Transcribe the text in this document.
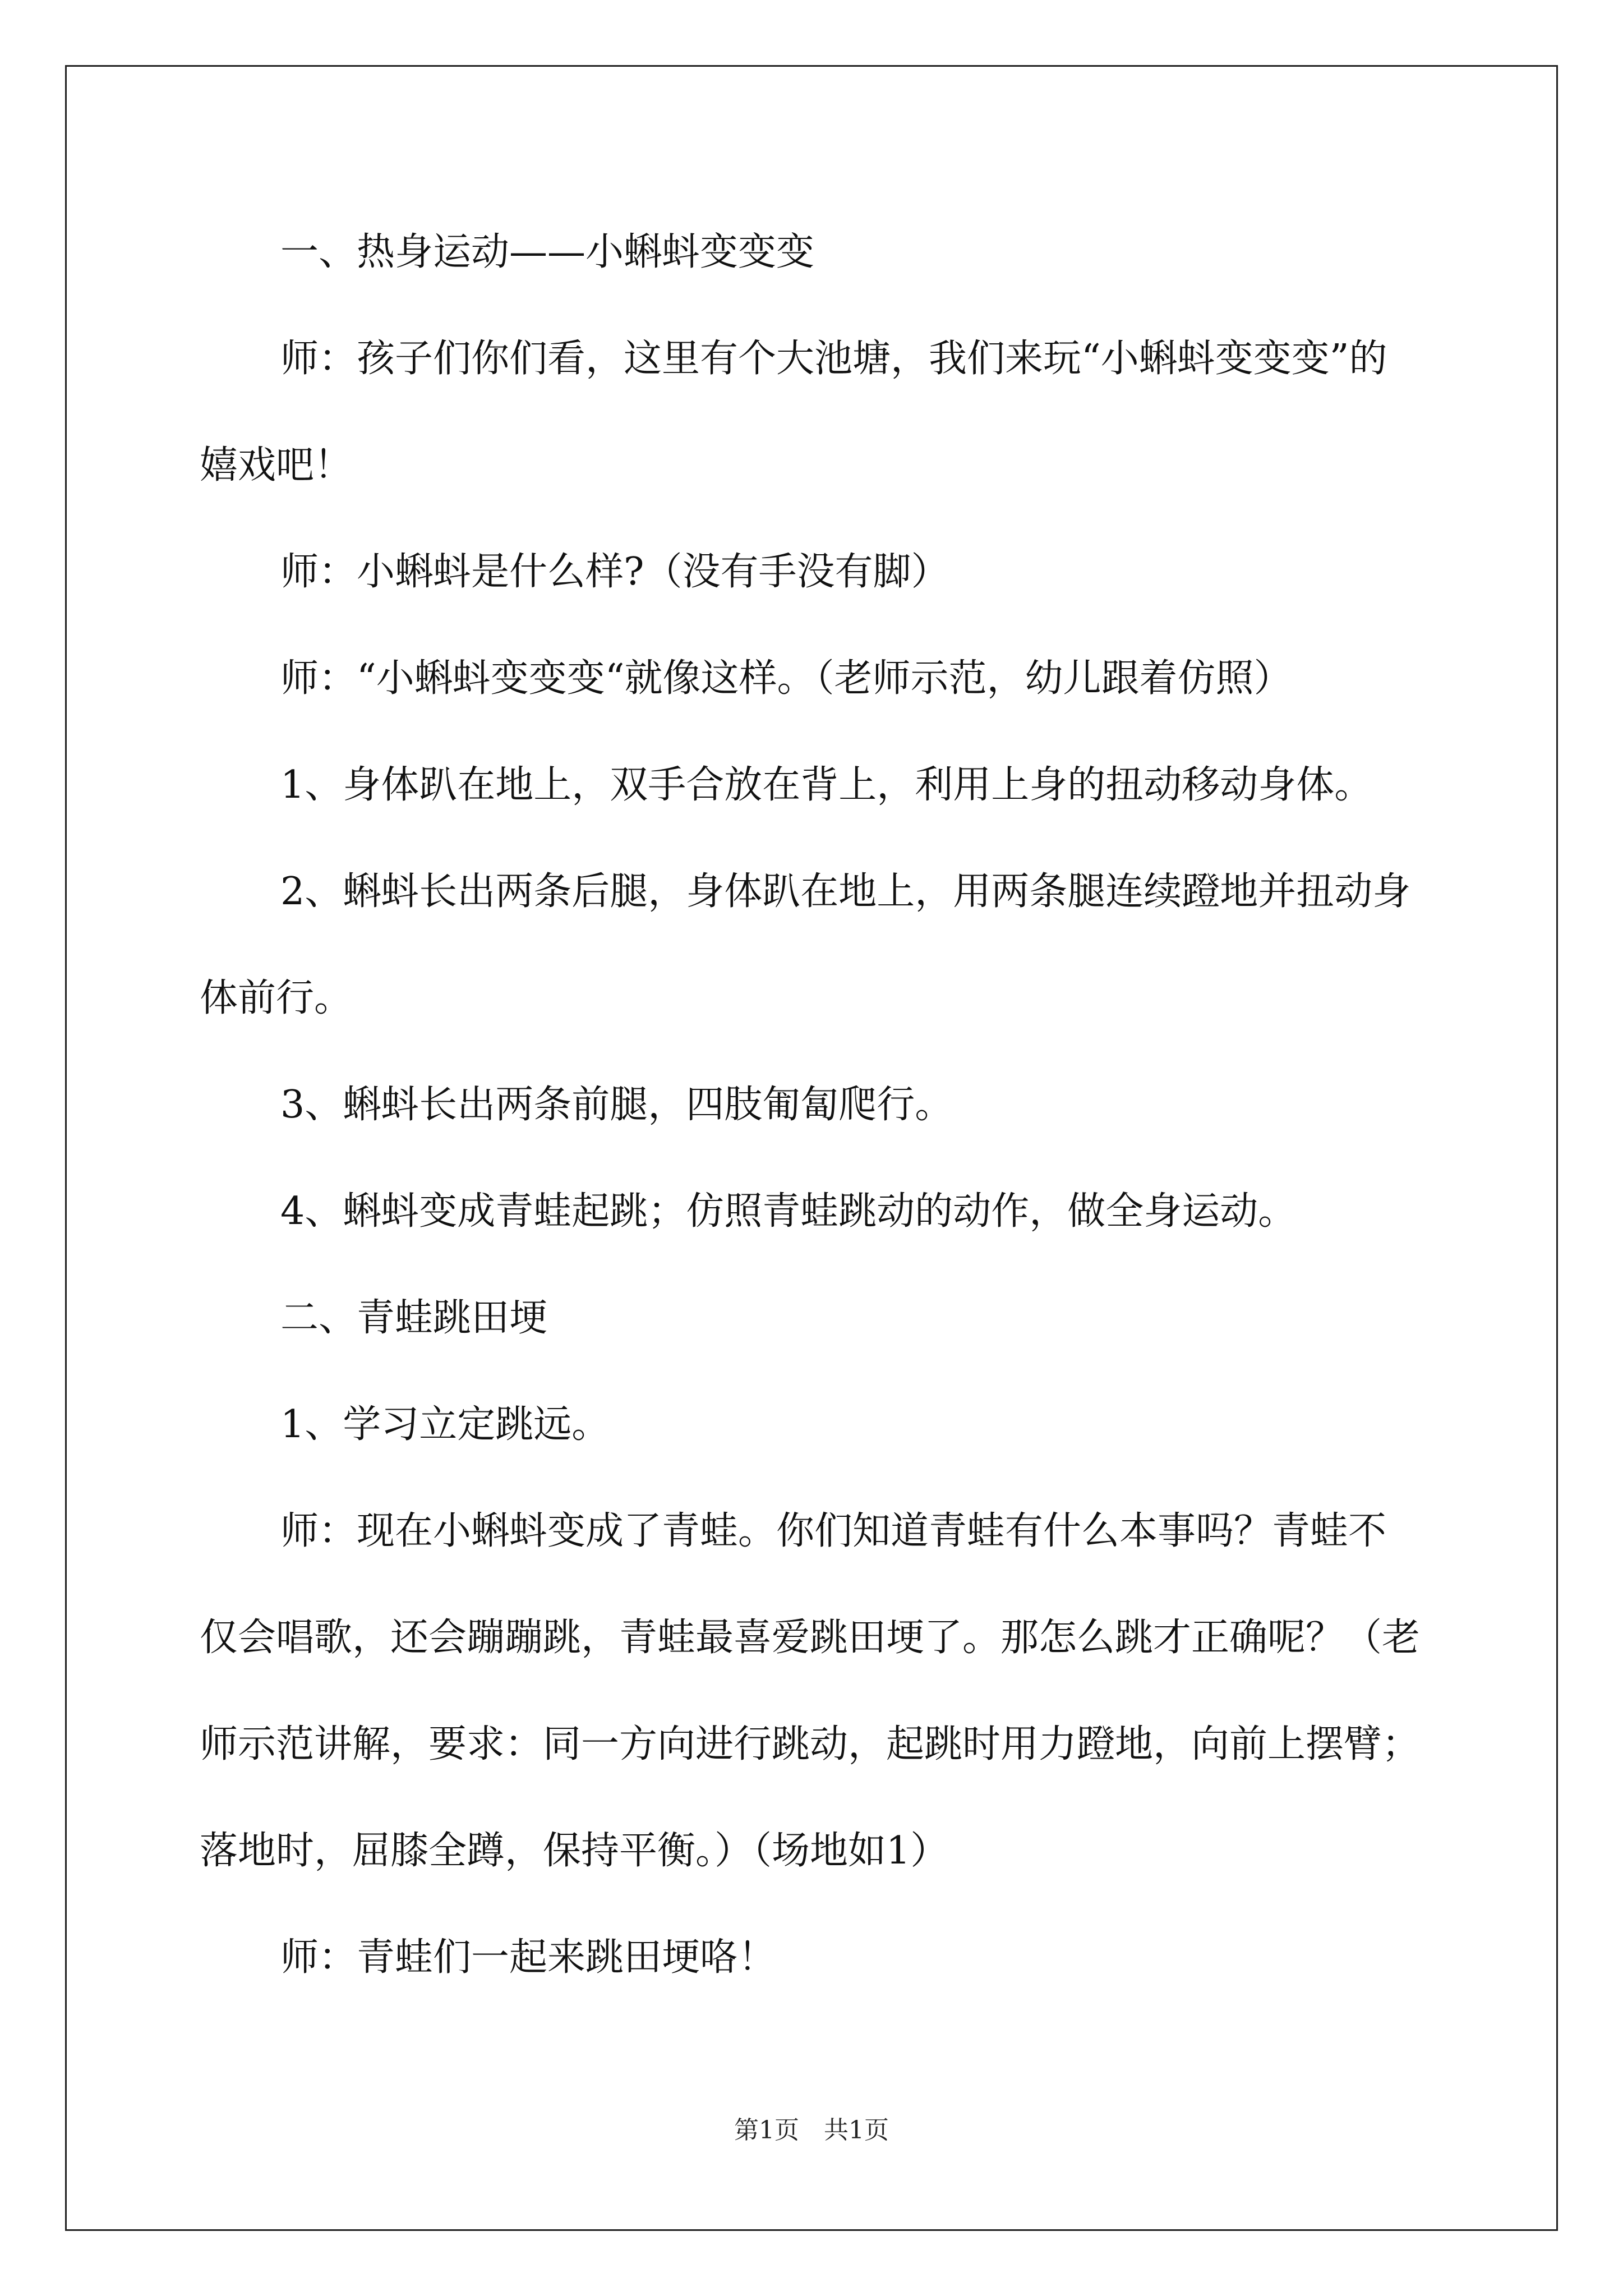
一、热身运动——小蝌蚪变变变

师：孩子们你们看，这里有个大池塘，我们来玩“小蝌蚪变变变”的嬉戏吧！

师：小蝌蚪是什么样?（没有手没有脚）

师：“小蝌蚪变变变“就像这样。（老师示范，幼儿跟着仿照）

1、身体趴在地上，双手合放在背上，利用上身的扭动移动身体。

2、蝌蚪长出两条后腿，身体趴在地上，用两条腿连续蹬地并扭动身体前行。

3、蝌蚪长出两条前腿，四肢匍匐爬行。

4、蝌蚪变成青蛙起跳；仿照青蛙跳动的动作，做全身运动。

二、青蛙跳田埂

1、学习立定跳远。

师：现在小蝌蚪变成了青蛙。你们知道青蛙有什么本事吗？青蛙不仅会唱歌，还会蹦蹦跳，青蛙最喜爱跳田埂了。那怎么跳才正确呢？（老师示范讲解，要求：同一方向进行跳动，起跳时用力蹬地，向前上摆臂；落地时，屈膝全蹲，保持平衡。）（场地如1）

师：青蛙们一起来跳田埂咯！

第1页　共1页
